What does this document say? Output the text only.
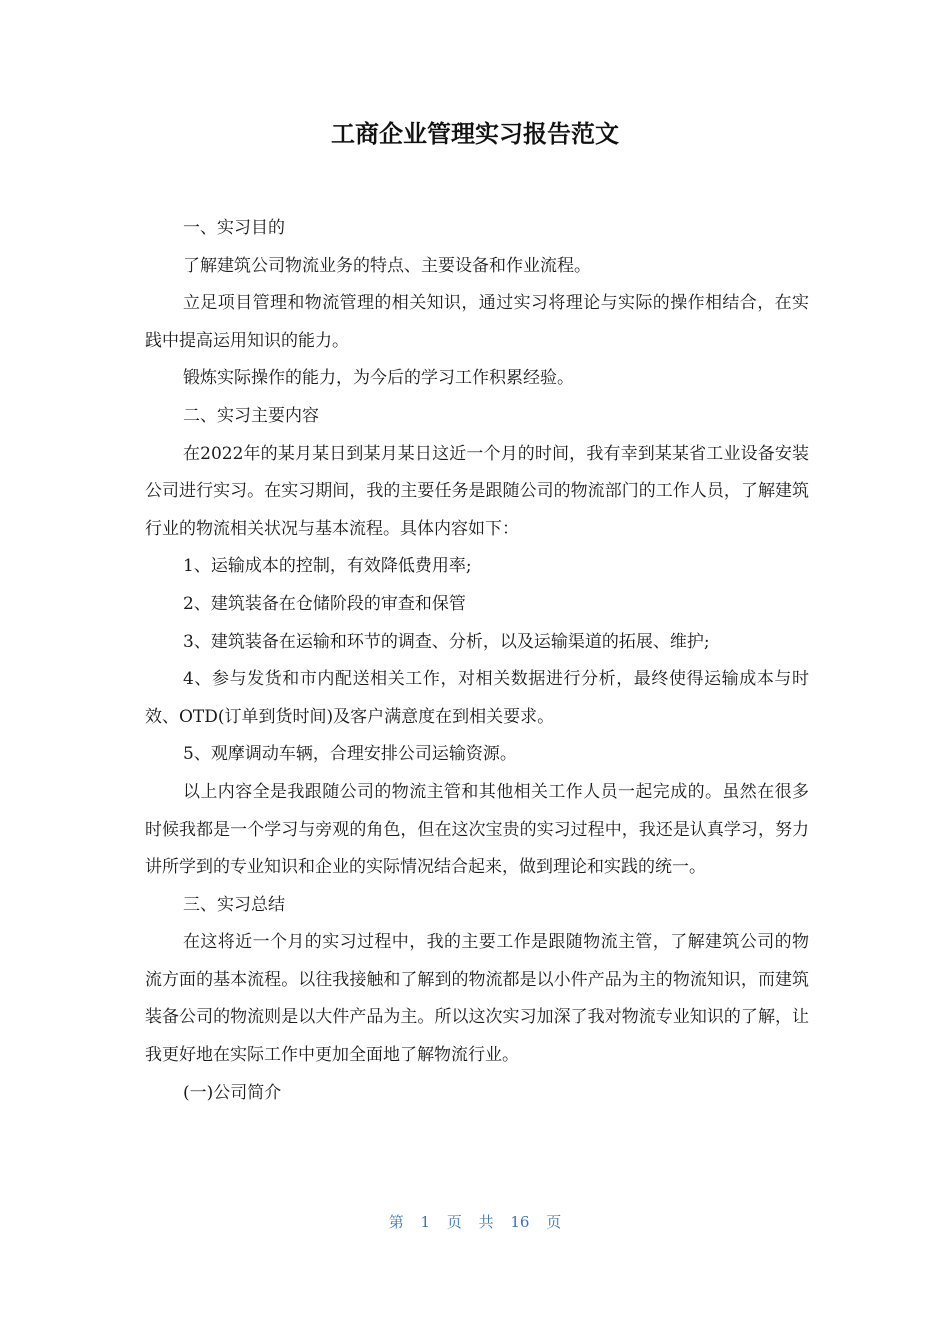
工商企业管理实习报告范文

一、实习目的

了解建筑公司物流业务的特点、主要设备和作业流程。

立足项目管理和物流管理的相关知识，通过实习将理论与实际的操作相结合，在实践中提高运用知识的能力。

锻炼实际操作的能力，为今后的学习工作积累经验。

二、实习主要内容

在2022年的某月某日到某月某日这近一个月的时间，我有幸到某某省工业设备安装公司进行实习。在实习期间，我的主要任务是跟随公司的物流部门的工作人员，了解建筑行业的物流相关状况与基本流程。具体内容如下：

1、运输成本的控制，有效降低费用率;

2、建筑装备在仓储阶段的审查和保管

3、建筑装备在运输和环节的调查、分析，以及运输渠道的拓展、维护;

4、参与发货和市内配送相关工作，对相关数据进行分析，最终使得运输成本与时效、OTD(订单到货时间)及客户满意度在到相关要求。

5、观摩调动车辆，合理安排公司运输资源。

以上内容全是我跟随公司的物流主管和其他相关工作人员一起完成的。虽然在很多时候我都是一个学习与旁观的角色，但在这次宝贵的实习过程中，我还是认真学习，努力讲所学到的专业知识和企业的实际情况结合起来，做到理论和实践的统一。

三、实习总结

在这将近一个月的实习过程中，我的主要工作是跟随物流主管，了解建筑公司的物流方面的基本流程。以往我接触和了解到的物流都是以小件产品为主的物流知识，而建筑装备公司的物流则是以大件产品为主。所以这次实习加深了我对物流专业知识的了解，让我更好地在实际工作中更加全面地了解物流行业。

(一)公司简介

第 1 页 共 16 页
